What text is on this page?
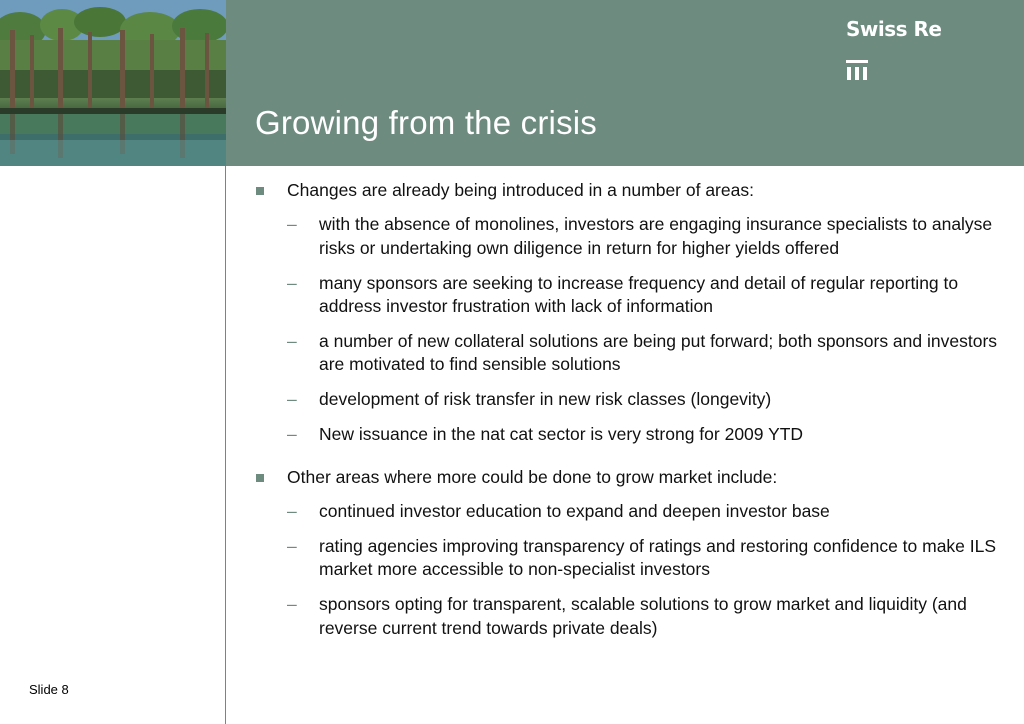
Swiss Re
Growing from the crisis
Slide 8
Changes are already being introduced in a number of areas:
– with the absence of monolines, investors are engaging insurance specialists to analyse risks or undertaking own diligence in return for higher yields offered
– many sponsors are seeking to increase frequency and detail of regular reporting to address investor frustration with lack of information
– a number of new collateral solutions are being put forward; both sponsors and investors are motivated to find sensible solutions
– development of risk transfer in new risk classes (longevity)
– New issuance in the nat cat sector is very strong for 2009 YTD
Other areas where more could be done to grow market include:
– continued investor education to expand and deepen investor base
– rating agencies improving transparency of ratings and restoring confidence to make ILS market more accessible to non-specialist investors
– sponsors opting for transparent, scalable solutions to grow market and liquidity (and reverse current trend towards private deals)
